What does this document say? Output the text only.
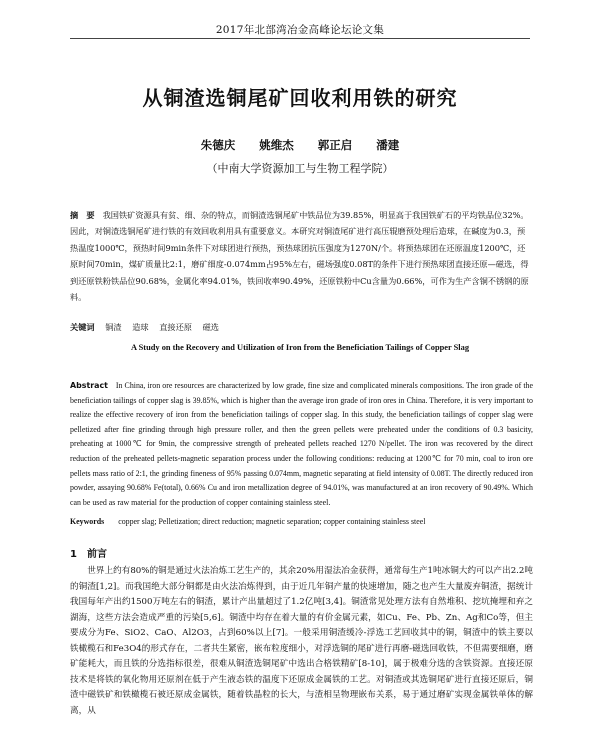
2017年北部湾冶金高峰论坛论文集
从铜渣选铜尾矿回收利用铁的研究
朱德庆 姚维杰 郭正启 潘建
（中南大学资源加工与生物工程学院）
摘　要 我国铁矿资源具有贫、细、杂的特点，而铜渣选铜尾矿中铁品位为39.85%，明显高于我国铁矿石的平均铁品位32%。因此，对铜渣选铜尾矿进行铁的有效回收利用具有重要意义。本研究对铜渣尾矿进行高压辊磨预处理后造球，在碱度为0.3，预热温度1000℃，预热时间9min条件下对球团进行预热，预热球团抗压强度为1270N/个。将预热球团在还原温度1200℃，还原时间70min，煤矿质量比2:1，磨矿细度-0.074mm占95%左右，磁场强度0.08T的条件下进行预热球团直接还原—磁选，得到还原铁粉铁品位90.68%，金属化率94.01%，铁回收率90.49%，还原铁粉中Cu含量为0.66%，可作为生产含铜不锈钢的原料。
关键词 铜渣 造球 直接还原 磁选
A Study on the Recovery and Utilization of Iron from the Beneficiation Tailings of Copper Slag
Abstract In China, iron ore resources are characterized by low grade, fine size and complicated minerals compositions. The iron grade of the beneficiation tailings of copper slag is 39.85%, which is higher than the average iron grade of iron ores in China. Therefore, it is very important to realize the effective recovery of iron from the beneficiation tailings of copper slag. In this study, the beneficiation tailings of copper slag were pelletized after fine grinding through high pressure roller, and then the green pellets were preheated under the conditions of 0.3 basicity, preheating at 1000℃ for 9min, the compressive strength of preheated pellets reached 1270 N/pellet. The iron was recovered by the direct reduction of the preheated pellets-magnetic separation process under the following conditions: reducing at 1200℃ for 70 min, coal to iron ore pellets mass ratio of 2:1, the grinding fineness of 95% passing 0.074mm, magnetic separating at field intensity of 0.08T. The directly reduced iron powder, assaying 90.68% Fe(total), 0.66% Cu and iron metallization degree of 94.01%, was manufactured at an iron recovery of 90.49%. Which can be used as raw material for the production of copper containing stainless steel.
Keywords copper slag; Pelletization; direct reduction; magnetic separation; copper containing stainless steel
1　前言
世界上约有80%的铜是通过火法冶炼工艺生产的，其余20%用湿法冶金获得，通常每生产1吨冰铜大约可以产出2.2吨的铜渣[1,2]。而我国绝大部分铜都是由火法冶炼得到，由于近几年铜产量的快速增加，随之也产生大量废弃铜渣，据统计我国每年产出约1500万吨左右的铜渣，累计产出量超过了1.2亿吨[3,4]。铜渣常见处理方法有自然堆积、挖坑掩埋和弃之湖海，这些方法会造成严重的污染[5,6]。铜渣中均存在着大量的有价金属元素，如Cu、Fe、Pb、Zn、Ag和Co等，但主要成分为Fe、SiO2、CaO、Al2O3，占到60%以上[7]。一般采用铜渣缓冷-浮选工艺回收其中的铜，铜渣中的铁主要以铁橄榄石和Fe3O4的形式存在，二者共生紧密，嵌布粒度细小，对浮选铜的尾矿进行再磨-磁选回收铁，不但需要细磨，磨矿能耗大，而且铁的分选指标很差，很难从铜渣选铜尾矿中选出合格铁精矿[8-10]，属于极难分选的含铁资源。直接还原技术是将铁的氧化物用还原剂在低于产生液态铁的温度下还原成金属铁的工艺。对铜渣或其选铜尾矿进行直接还原后，铜渣中磁铁矿和铁橄榄石被还原成金属铁，随着铁晶粒的长大，与渣相呈物理嵌布关系，易于通过磨矿实现金属铁单体的解离，从
